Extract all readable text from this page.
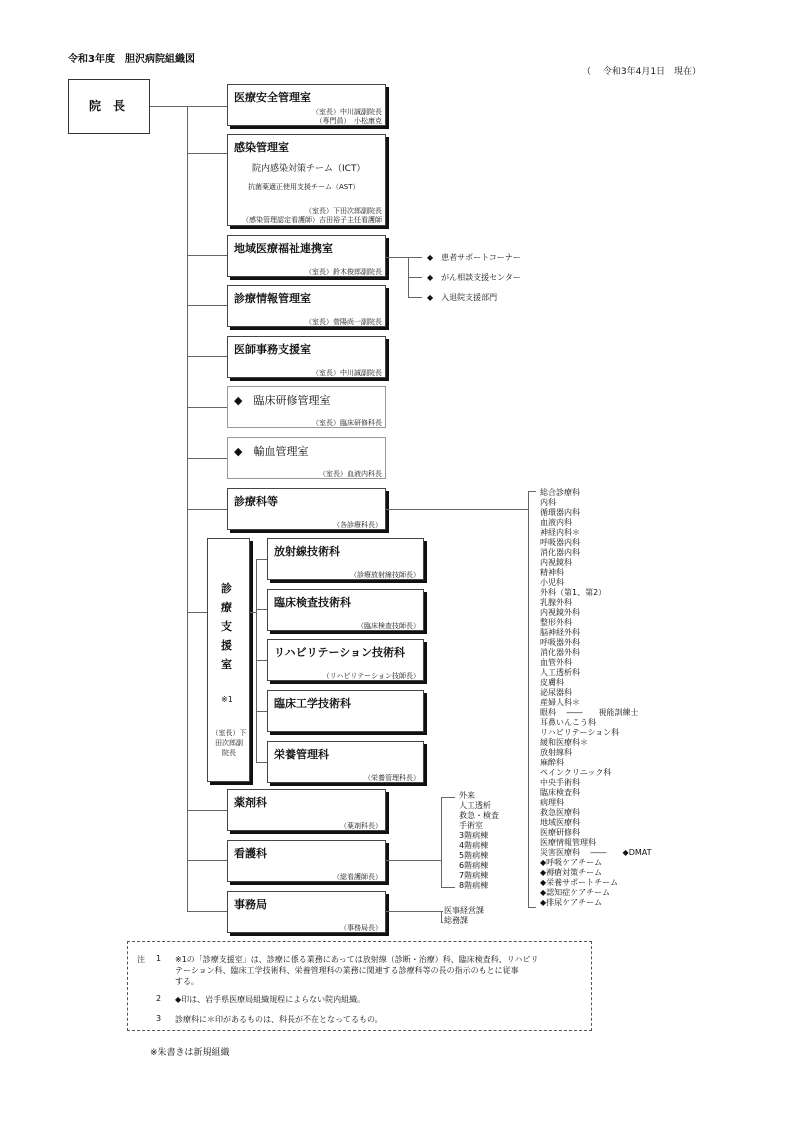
令和3年度　胆沢病院組織図
（　 令和3年4月1日　現在）
院　長
医療安全管理室
（室長）中川誠副院長
（専門員）　小松康克
感染管理室
院内感染対策チーム（ICT）
抗菌薬適正使用支援チーム（AST）
（室長）下田次郎副院長
（感染管理認定看護師）吉田裕子主任看護師
地域医療福祉連携室
（室長）鈴木俊郎副院長
◆　患者サポートコーナー
◆　がん相談支援センター
◆　入退院支援部門
診療情報管理室
（室長）菅陽尚一副院長
医師事務支援室
（室長）中川誠副院長
◆　臨床研修管理室
（室長）臨床研修科長
◆　輸血管理室
（室長）血液内科長
診療科等
（各診療科長）
総合診療科
内科
循環器内科
血液内科
神経内科＊
呼吸器内科
消化器内科
内視鏡科
精神科
小児科
外科（第1、第2）
乳腺外科
内視鏡外科
整形外科
脳神経外科
呼吸器外科
消化器外科
血管外科
人工透析科
皮膚科
泌尿器科
産婦人科＊
眼科　 ――　　視能訓練士
耳鼻いんこう科
リハビリテーション科
緩和医療科＊
放射線科
麻酔科
ペインクリニック科
中央手術科
臨床検査科
病理科
救急医療科
地域医療科
医療研修科
医療情報管理科
災害医療科　 ――　　◆DMAT
◆呼吸ケアチーム
◆褥瘡対策チーム
◆栄養サポートチーム
◆認知症ケアチーム
◆排尿ケアチーム
診
療
支
援
室
※1
（室長）下
田次郎副
院長
放射線技術科
（診療放射線技師長）
臨床検査技術科
（臨床検査技師長）
リハビリテーション技術科
（リハビリテーション技師長）
臨床工学技術科
栄養管理科
（栄養管理科長）
薬剤科
（薬剤科長）
看護科
（総看護師長）
外来
人工透析
救急・検査
手術室
3階病棟
4階病棟
5階病棟
6階病棟
7階病棟
8階病棟
事務局
（事務局長）
医事経営課
総務課
注 1 ※1の「診療支援室」は、診療に係る業務にあっては放射線（診断・治療）科、臨床検査科、リハビリ
テーション科、臨床工学技術科、栄養管理科の業務に関連する診療科等の長の指示のもとに従事
する。
2 ◆印は、岩手県医療局組織規程によらない院内組織。
3 診療科に＊印があるものは、科長が不在となってるもの。
※朱書きは新規組織
